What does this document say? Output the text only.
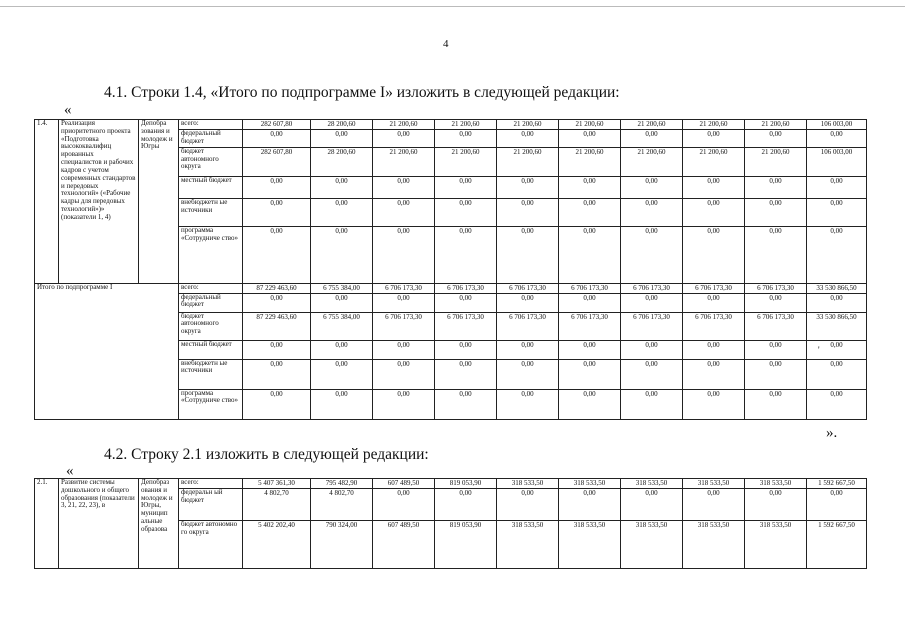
4
4.1. Строки 1.4, «Итого по подпрограмме I» изложить в следующей редакции:
«
1.4.	Реализация приоритетного проекта «Подготовка высококвалифиц ированных специалистов и рабочих кадров с учетом современных стандартов и передовых технологий» («Рабочие кадры для передовых технологий»)» (показатели 1, 4)	Депобра зования и молодеж и Югры	всего:	282 607,80	28 200,60	21 200,60	21 200,60	21 200,60	21 200,60	21 200,60	21 200,60	21 200,60	106 003,00
			федеральный бюджет	0,00	0,00	0,00	0,00	0,00	0,00	0,00	0,00	0,00	0,00
			бюджет автономного округа	282 607,80	28 200,60	21 200,60	21 200,60	21 200,60	21 200,60	21 200,60	21 200,60	21 200,60	106 003,00
			местный бюджет	0,00	0,00	0,00	0,00	0,00	0,00	0,00	0,00	0,00	0,00
			внебюджетн ые источники	0,00	0,00	0,00	0,00	0,00	0,00	0,00	0,00	0,00	0,00
			программа «Сотрудниче ство»	0,00	0,00	0,00	0,00	0,00	0,00	0,00	0,00	0,00	0,00
Итого по подпрограмме I			всего:	87 229 463,60	6 755 384,00	6 706 173,30	6 706 173,30	6 706 173,30	6 706 173,30	6 706 173,30	6 706 173,30	6 706 173,30	33 530 866,50
			федеральный бюджет	0,00	0,00	0,00	0,00	0,00	0,00	0,00	0,00	0,00	0,00
			бюджет автономного округа	87 229 463,60	6 755 384,00	6 706 173,30	6 706 173,30	6 706 173,30	6 706 173,30	6 706 173,30	6 706 173,30	6 706 173,30	33 530 866,50
			местный бюджет	0,00	0,00	0,00	0,00	0,00	0,00	0,00	0,00	0,00	0,00
			внебюджетн ые источники	0,00	0,00	0,00	0,00	0,00	0,00	0,00	0,00	0,00	0,00
			программа «Сотрудниче ство»	0,00	0,00	0,00	0,00	0,00	0,00	0,00	0,00	0,00	0,00
'
».
4.2. Строку 2.1 изложить в следующей редакции:
«
2.1.	Развитие системы дошкольного и общего образования (показатели 3, 21, 22, 23), в	Депобраз ования и молодеж и Югры, муницип альные образова	всего:	5 407 361,30	795 482,90	607 489,50	819 053,90	318 533,50	318 533,50	318 533,50	318 533,50	318 533,50	1 592 667,50
			федеральн ый бюджет	4 802,70	4 802,70	0,00	0,00	0,00	0,00	0,00	0,00	0,00	0,00
			бюджет автономно го округа	5 402 202,40	790 324,00	607 489,50	819 053,90	318 533,50	318 533,50	318 533,50	318 533,50	318 533,50	1 592 667,50
